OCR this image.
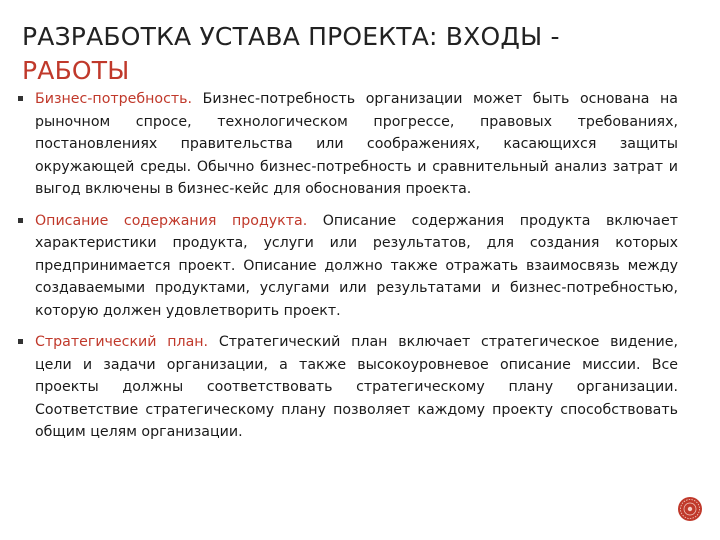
РАЗРАБОТКА УСТАВА ПРОЕКТА: ВХОДЫ -
РАБОТЫ

Бизнес-потребность. Бизнес-потребность организации может быть основана на рыночном спросе, технологическом прогрессе, правовых требованиях, постановлениях правительства или соображениях, касающихся защиты окружающей среды. Обычно бизнес-потребность и сравнительный анализ затрат и выгод включены в бизнес-кейс для обоснования проекта.

Описание содержания продукта. Описание содержания продукта включает характеристики продукта, услуги или результатов, для создания которых предпринимается проект. Описание должно также отражать взаимосвязь между создаваемыми продуктами, услугами или результатами и бизнес-потребностью, которую должен удовлетворить проект.

Стратегический план. Стратегический план включает стратегическое видение, цели и задачи организации, а также высокоуровневое описание миссии. Все проекты должны соответствовать стратегическому плану организации. Соответствие стратегическому плану позволяет каждому проекту способствовать общим целям организации.
